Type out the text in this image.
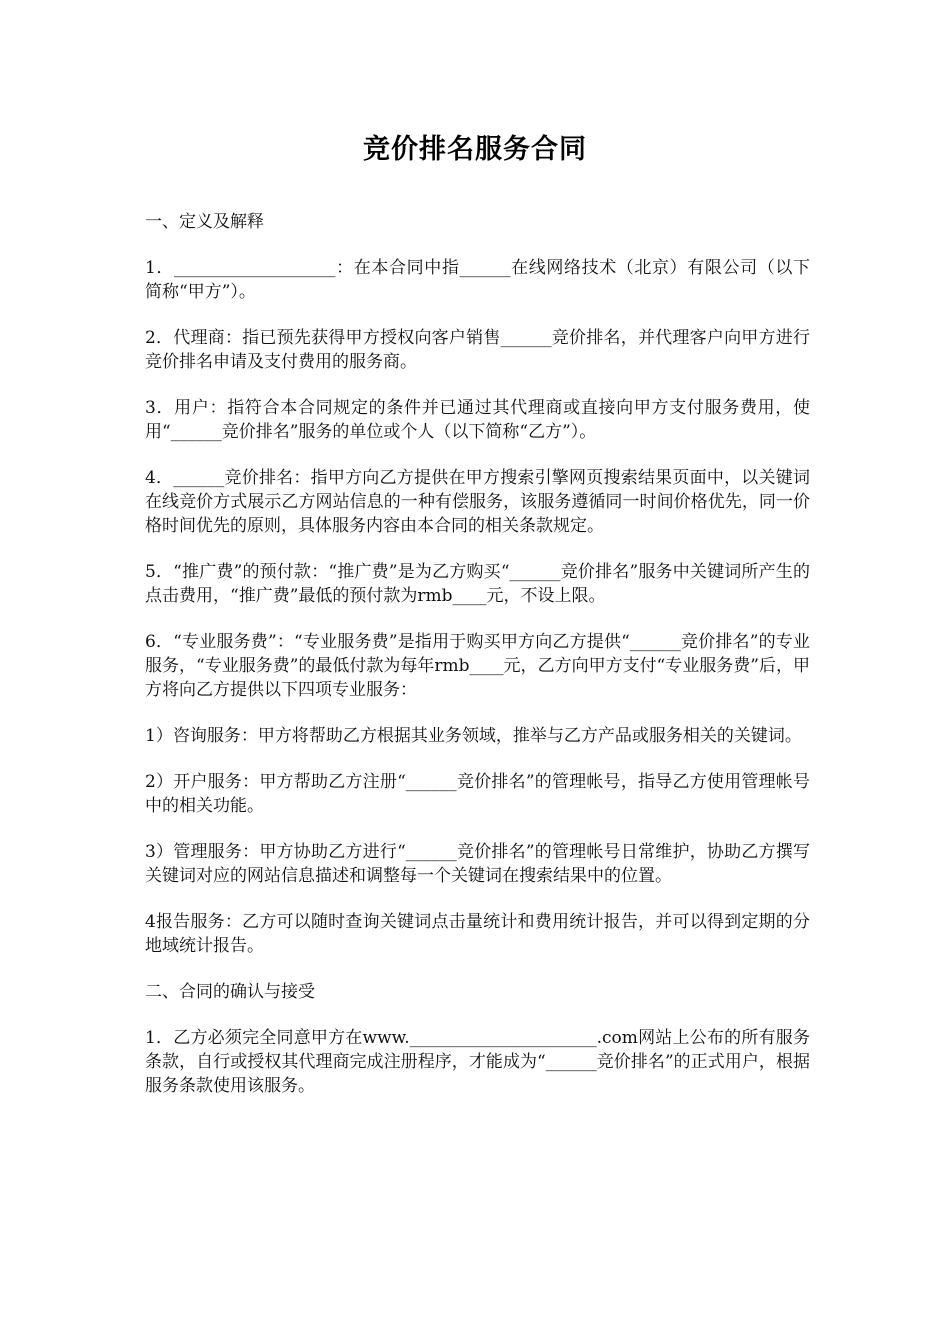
竞价排名服务合同
一、定义及解释

1．___________________：在本合同中指______在线网络技术（北京）有限公司（以下简称“甲方”）。

2．代理商：指已预先获得甲方授权向客户销售______竞价排名，并代理客户向甲方进行竞价排名申请及支付费用的服务商。

3．用户：指符合本合同规定的条件并已通过其代理商或直接向甲方支付服务费用，使用“______竞价排名”服务的单位或个人（以下简称“乙方”）。

4．______竞价排名：指甲方向乙方提供在甲方搜索引擎网页搜索结果页面中，以关键词在线竞价方式展示乙方网站信息的一种有偿服务，该服务遵循同一时间价格优先，同一价格时间优先的原则，具体服务内容由本合同的相关条款规定。

5．“推广费”的预付款：“推广费”是为乙方购买“______竞价排名”服务中关键词所产生的点击费用，“推广费”最低的预付款为rmb____元，不设上限。

6．“专业服务费”：“专业服务费”是指用于购买甲方向乙方提供“______竞价排名”的专业服务，“专业服务费”的最低付款为每年rmb____元，乙方向甲方支付“专业服务费”后，甲方将向乙方提供以下四项专业服务：

1）咨询服务：甲方将帮助乙方根据其业务领域，推举与乙方产品或服务相关的关键词。

2）开户服务：甲方帮助乙方注册“______竞价排名”的管理帐号，指导乙方使用管理帐号中的相关功能。

3）管理服务：甲方协助乙方进行“______竞价排名”的管理帐号日常维护，协助乙方撰写关键词对应的网站信息描述和调整每一个关键词在搜索结果中的位置。

4报告服务：乙方可以随时查询关键词点击量统计和费用统计报告，并可以得到定期的分地域统计报告。

二、合同的确认与接受

1．乙方必须完全同意甲方在www.______________________.com网站上公布的所有服务条款，自行或授权其代理商完成注册程序，才能成为“______竞价排名”的正式用户，根据服务条款使用该服务。
